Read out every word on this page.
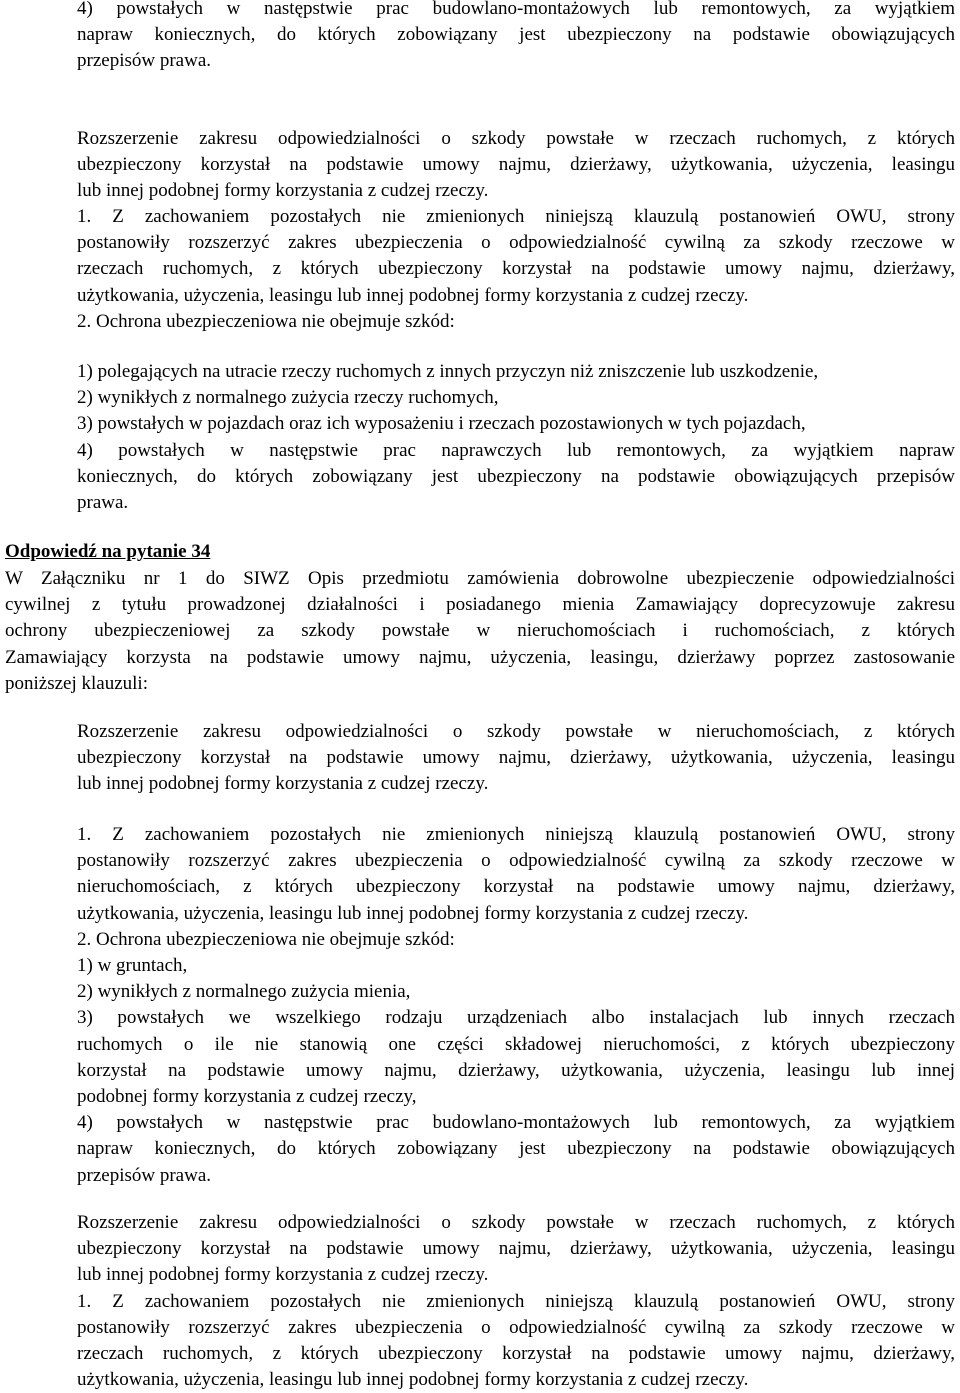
4) powstałych w następstwie prac budowlano-montażowych lub remontowych, za wyjątkiem
napraw koniecznych, do których zobowiązany jest ubezpieczony na podstawie obowiązujących
przepisów prawa.
Rozszerzenie zakresu odpowiedzialności o szkody powstałe w rzeczach ruchomych, z których
ubezpieczony korzystał na podstawie umowy najmu, dzierżawy, użytkowania, użyczenia, leasingu
lub innej podobnej formy korzystania z cudzej rzeczy.
1. Z zachowaniem pozostałych nie zmienionych niniejszą klauzulą postanowień OWU, strony
postanowiły rozszerzyć zakres ubezpieczenia o odpowiedzialność cywilną za szkody rzeczowe w
rzeczach ruchomych, z których ubezpieczony korzystał na podstawie umowy najmu, dzierżawy,
użytkowania, użyczenia, leasingu lub innej podobnej formy korzystania z cudzej rzeczy.
2. Ochrona ubezpieczeniowa nie obejmuje szkód:
1) polegających na utracie rzeczy ruchomych z innych przyczyn niż zniszczenie lub uszkodzenie,
2) wynikłych z normalnego zużycia rzeczy ruchomych,
3) powstałych w pojazdach oraz ich wyposażeniu i rzeczach pozostawionych w tych pojazdach,
4) powstałych w następstwie prac naprawczych lub remontowych, za wyjątkiem napraw
koniecznych, do których zobowiązany jest ubezpieczony na podstawie obowiązujących przepisów
prawa.
Odpowiedź na pytanie 34
W Załączniku nr 1 do SIWZ Opis przedmiotu zamówienia dobrowolne ubezpieczenie odpowiedzialności
cywilnej z tytułu prowadzonej działalności i posiadanego mienia Zamawiający doprecyzowuje zakresu
ochrony ubezpieczeniowej za szkody powstałe w nieruchomościach i ruchomościach, z których
Zamawiający korzysta na podstawie umowy najmu, użyczenia, leasingu, dzierżawy poprzez zastosowanie
poniższej klauzuli:
Rozszerzenie zakresu odpowiedzialności o szkody powstałe w nieruchomościach, z których
ubezpieczony korzystał na podstawie umowy najmu, dzierżawy, użytkowania, użyczenia, leasingu
lub innej podobnej formy korzystania z cudzej rzeczy.
1. Z zachowaniem pozostałych nie zmienionych niniejszą klauzulą postanowień OWU, strony
postanowiły rozszerzyć zakres ubezpieczenia o odpowiedzialność cywilną za szkody rzeczowe w
nieruchomościach, z których ubezpieczony korzystał na podstawie umowy najmu, dzierżawy,
użytkowania, użyczenia, leasingu lub innej podobnej formy korzystania z cudzej rzeczy.
2. Ochrona ubezpieczeniowa nie obejmuje szkód:
1) w gruntach,
2) wynikłych z normalnego zużycia mienia,
3) powstałych we wszelkiego rodzaju urządzeniach albo instalacjach lub innych rzeczach
ruchomych o ile nie stanowią one części składowej nieruchomości, z których ubezpieczony
korzystał na podstawie umowy najmu, dzierżawy, użytkowania, użyczenia, leasingu lub innej
podobnej formy korzystania z cudzej rzeczy,
4) powstałych w następstwie prac budowlano-montażowych lub remontowych, za wyjątkiem
napraw koniecznych, do których zobowiązany jest ubezpieczony na podstawie obowiązujących
przepisów prawa.
Rozszerzenie zakresu odpowiedzialności o szkody powstałe w rzeczach ruchomych, z których
ubezpieczony korzystał na podstawie umowy najmu, dzierżawy, użytkowania, użyczenia, leasingu
lub innej podobnej formy korzystania z cudzej rzeczy.
1. Z zachowaniem pozostałych nie zmienionych niniejszą klauzulą postanowień OWU, strony
postanowiły rozszerzyć zakres ubezpieczenia o odpowiedzialność cywilną za szkody rzeczowe w
rzeczach ruchomych, z których ubezpieczony korzystał na podstawie umowy najmu, dzierżawy,
użytkowania, użyczenia, leasingu lub innej podobnej formy korzystania z cudzej rzeczy.
